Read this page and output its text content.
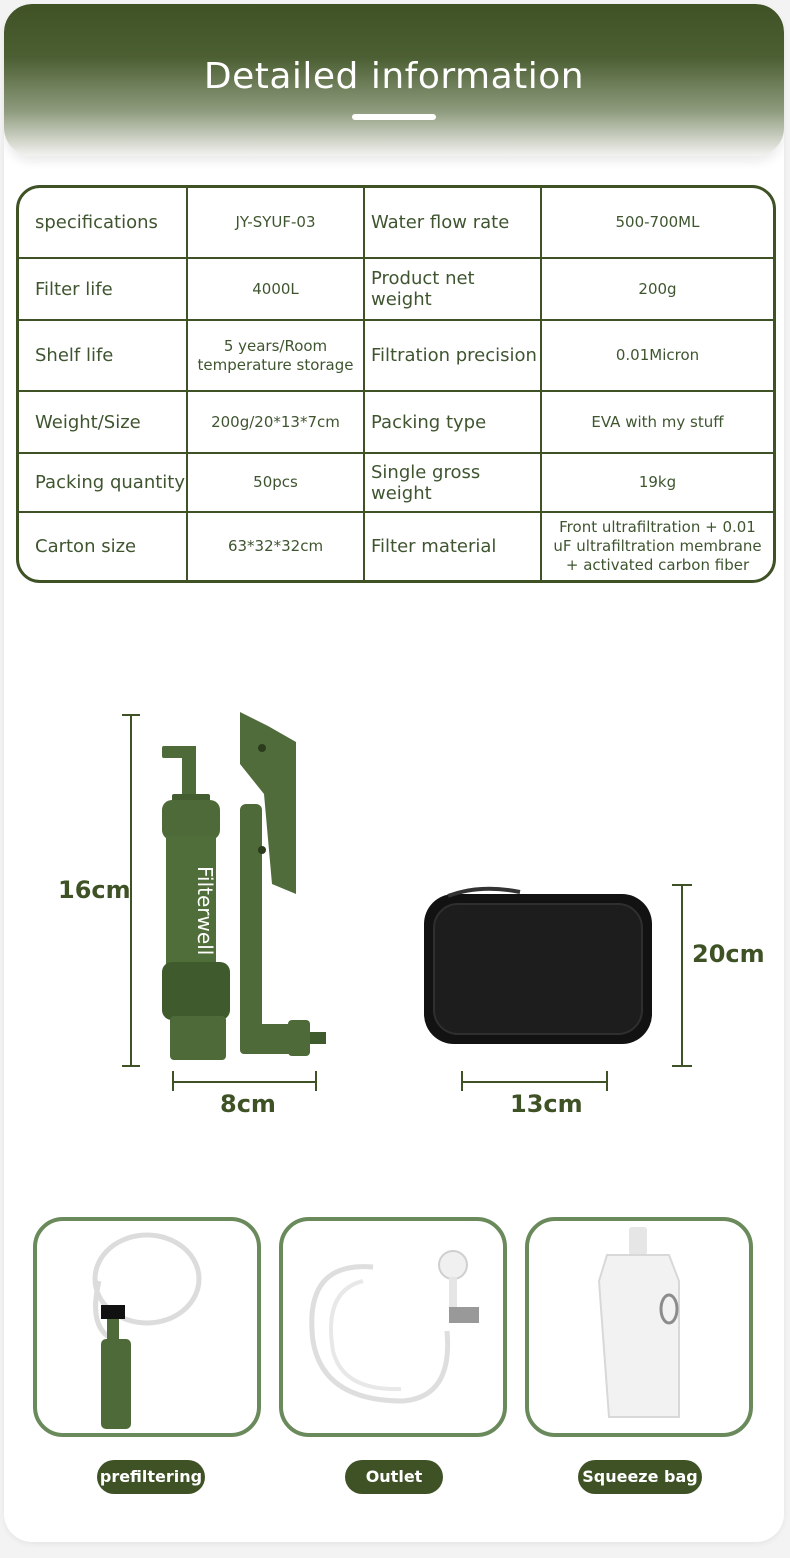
Detailed information
specifications	JY-SYUF-03	Water flow rate	500-700ML
Filter life	4000L	Product net weight	200g
Shelf life	5 years/Room temperature storage	Filtration precision	0.01Micron
Weight/Size	200g/20*13*7cm	Packing type	EVA with my stuff
Packing quantity	50pcs	Single gross weight	19kg
Carton size	63*32*32cm	Filter material	Front ultrafiltration + 0.01 uF ultrafiltration membrane + activated carbon fiber
16cm	Filterwell
8cm
20cm
13cm
prefiltering	Outlet pipe
Squeeze bag
